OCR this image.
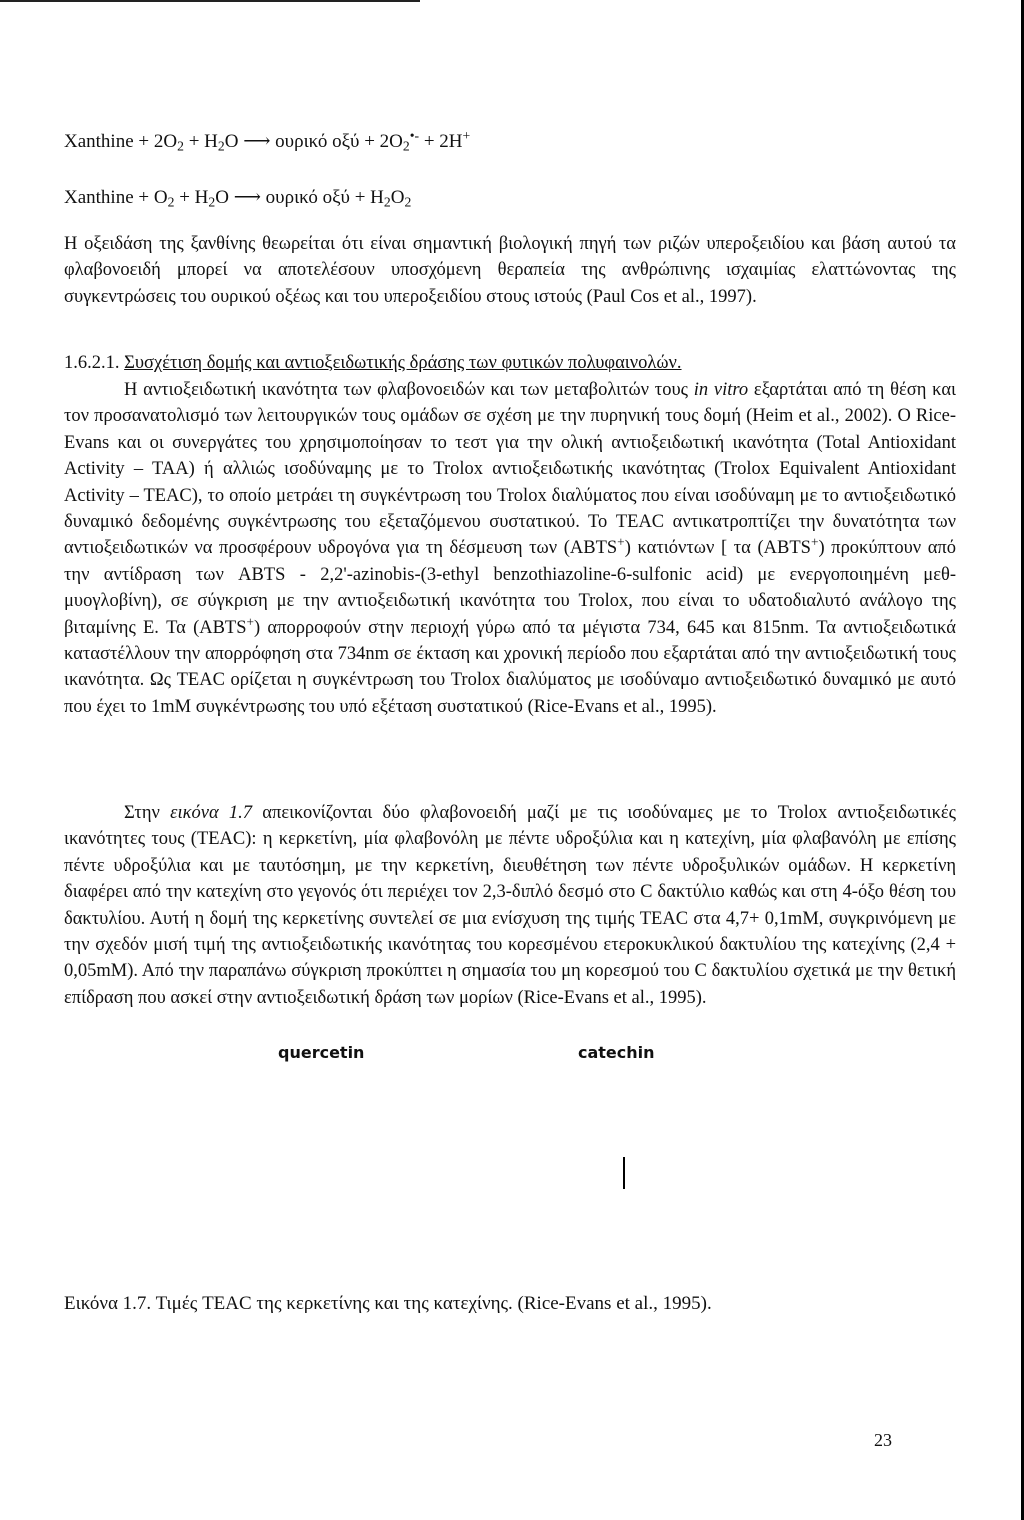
Xanthine + $2O_2 + H_2O$ ⟶ ουρικό $o\xi ύ + 2O_2^{•-} + 2H^+$
Xanthine + $O_2 + H_2O$ ⟶ ουρικό $o\xi ύ + H_2O_2$

Η οξειδάση της ξανθίνης θεωρείται ότι είναι σημαντική βιολογική πηγή των ριζών υπεροξειδίου και βάση αυτού τα φλαβονοειδή μπορεί να αποτελέσουν υποσχόμενη θεραπεία της ανθρώπινης ισχαιμίας ελαττώνοντας της συγκεντρώσεις του ουρικού οξέως και του υπεροξειδίου στους ιστούς (Paul Cos et al., 1997).

1.6.2.1. Συσχέτιση δομής και αντιοξειδωτικής δράσης των φυτικών πολυφαινολών.

Η αντιοξειδωτική ικανότητα των φλαβονοειδών και των μεταβολιτών τους in vitro εξαρτάται από τη θέση και τον προσανατολισμό των λειτουργικών τους ομάδων σε σχέση με την πυρηνική τους δομή (Heim et al., 2002). Ο Rice-Evans και οι συνεργάτες του χρησιμοποίησαν το τεστ για την ολική αντιοξειδωτική ικανότητα (Total Antioxidant Activity – TAA) ή αλλιώς ισοδύναμης με το Trolox αντιοξειδωτικής ικανότητας (Trolox Equivalent Antioxidant Activity – TEAC), το οποίο μετράει τη συγκέντρωση του Trolox διαλύματος που είναι ισοδύναμη με το αντιοξειδωτικό δυναμικό δεδομένης συγκέντρωσης του εξεταζόμενου συστατικού. Το TEAC αντικατροπτίζει την δυνατότητα των αντιοξειδωτικών να προσφέρουν υδρογόνα για τη δέσμευση των (ABTS+) κατιόντων [ τα (ABTS+) προκύπτουν από την αντίδραση των ABTS - 2,2'-azinobis-(3-ethyl benzothiazoline-6-sulfonic acid) με ενεργοποιημένη μεθ-μυογλοβίνη), σε σύγκριση με την αντιοξειδωτική ικανότητα του Trolox, που είναι το υδατοδιαλυτό ανάλογο της βιταμίνης E. Τα (ABTS+) απορροφούν στην περιοχή γύρω από τα μέγιστα 734, 645 και 815nm. Τα αντιοξειδωτικά καταστέλλουν την απορρόφηση στα 734nm σε έκταση και χρονική περίοδο που εξαρτάται από την αντιοξειδωτική τους ικανότητα. Ως TEAC ορίζεται η συγκέντρωση του Trolox διαλύματος με ισοδύναμο αντιοξειδωτικό δυναμικό με αυτό που έχει το 1mM συγκέντρωσης του υπό εξέταση συστατικού (Rice-Evans et al., 1995).

Στην εικόνα 1.7 απεικονίζονται δύο φλαβονοειδή μαζί με τις ισοδύναμες με το Trolox αντιοξειδωτικές ικανότητες τους (TEAC): η κερκετίνη, μία φλαβονόλη με πέντε υδροξύλια και η κατεχίνη, μία φλαβανόλη με επίσης πέντε υδροξύλια και με ταυτόσημη, με την κερκετίνη, διευθέτηση των πέντε υδροξυλικών ομάδων. Η κερκετίνη διαφέρει από την κατεχίνη στο γεγονός ότι περιέχει τον 2,3-διπλό δεσμό στο C δακτύλιο καθώς και στη 4-όξο θέση του δακτυλίου. Αυτή η δομή της κερκετίνης συντελεί σε μια ενίσχυση της τιμής TEAC στα 4,7+ 0,1mM, συγκρινόμενη με την σχεδόν μισή τιμή της αντιοξειδωτικής ικανότητας του κορεσμένου ετεροκυκλικού δακτυλίου της κατεχίνης (2,4 + 0,05mM). Από την παραπάνω σύγκριση προκύπτει η σημασία του μη κορεσμού του C δακτυλίου σχετικά με την θετική επίδραση που ασκεί στην αντιοξειδωτική δράση των μορίων (Rice-Evans et al., 1995).

quercetin	catechin
Εικόνα 1.7. Τιμές TEAC της κερκετίνης και της κατεχίνης. (Rice-Evans et al., 1995).
23
